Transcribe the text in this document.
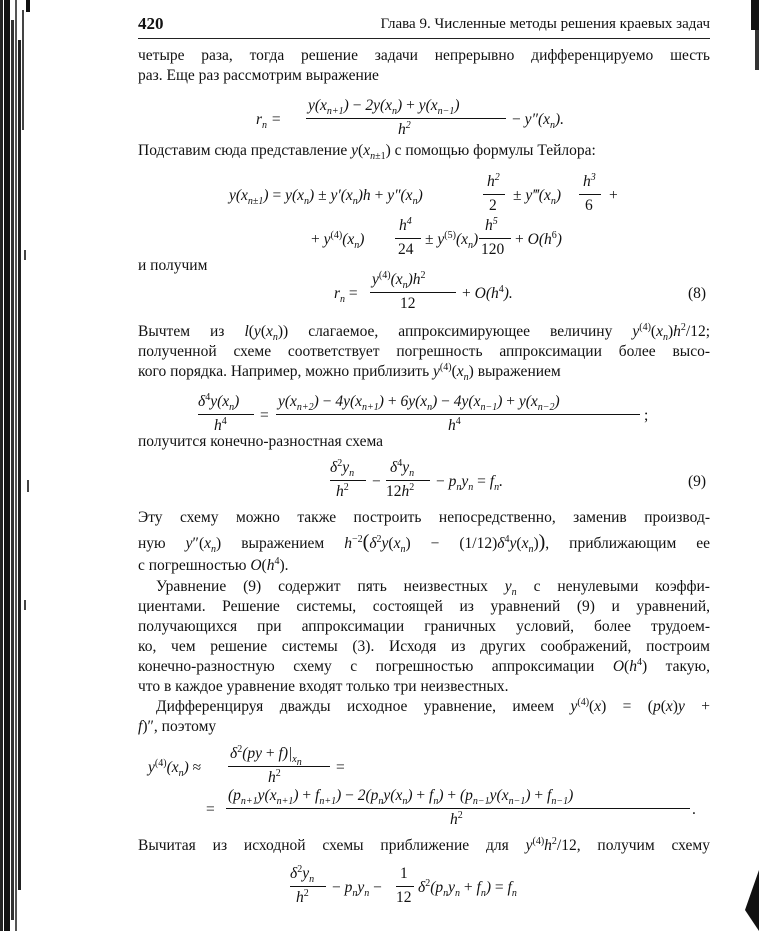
420	Глава 9. Численные методы решения краевых задач
четыре раза, тогда решение задачи непрерывно дифференцируемо шесть
раз. Еще раз рассмотрим выражение
$r_n$ =
$y(x_{n+1}) - 2y(x_n) + y(x_{n-1})$
$h^2$	− $y''(x_n)$.
Подставим сюда представление $y(x_{n\pm 1})$ с помощью формулы Тейлора:
$y(x_{n\pm 1}) = y(x_n) \pm y'(x_n)h + y''(x_n)$
$h^2$
2
± $y‴(x_n)$
$h^3$
6
+
+ $y^{(4)}(x_n)$
$h^4$
24
± $y^{(5)}(x_n)$
$h^5$
120
+ $O(h^6)$
и получим
$r_n$ =
$y^{(4)}(x_n)h^2$
12
+ $O(h^4)$.	(8)
Вычтем из $l(y(x_n))$ слагаемое, аппроксимирующее величину $y^{(4)}(x_n)h^2/12$;
полученной схеме соответствует погрешность аппроксимации более высо-
кого порядка. Например, можно приблизить $y^{(4)}(x_n)$ выражением
$\delta^4y(x_n)$
$h^4$ =
$y(x_{n+2}) - 4y(x_{n+1}) + 6y(x_n) - 4y(x_{n-1}) + y(x_{n-2})$
$h^4$	;
получится конечно-разностная схема
$\delta^2y_n$
$h^2$ −
$\delta^4y_n$
$12h^2 - p_ny_n = f_n$.	(9)
Эту схему можно также построить непосредственно, заменив производ-
ную $y''(x_n)$ выражением $h^{-2}(\delta^2y(x_n) - (1/12)\delta^4y(x_n))$, приближающим ее
с погрешностью $O(h^4)$.
Уравнение (9) содержит пять неизвестных $y_n$ с ненулевыми коэффи-
циентами. Решение системы, состоящей из уравнений (9) и уравнений,
получающихся при аппроксимации граничных условий, более трудоем-
ко, чем решение системы (3). Исходя из других соображений, построим
конечно-разностную схему с погрешностью аппроксимации $O(h^4)$ такую,
что в каждое уравнение входят только три неизвестных.
Дифференцируя дважды исходное уравнение, имеем $y^{(4)}(x) = (p(x)y$ +
f)″, поэтому
$y^{(4)}(x_n)$ ≈
$\delta^2(py + f)|_{x_n}$
$h^2$	=
=
$(p_{n+1}y(x_{n+1}) + f_{n+1}) - 2(p_ny(x_n) + f_n) + (p_{n-1}y(x_{n-1}) + f_{n-1})$
$h^2$	.
Вычитая из исходной схемы приближение для $y^{(4)}h^2/12$, получим схему
$\delta^2y_n$
$h^2 - p_ny_n$ −
1
12
$\delta^2(p_ny_n + f_n) = f_n$
